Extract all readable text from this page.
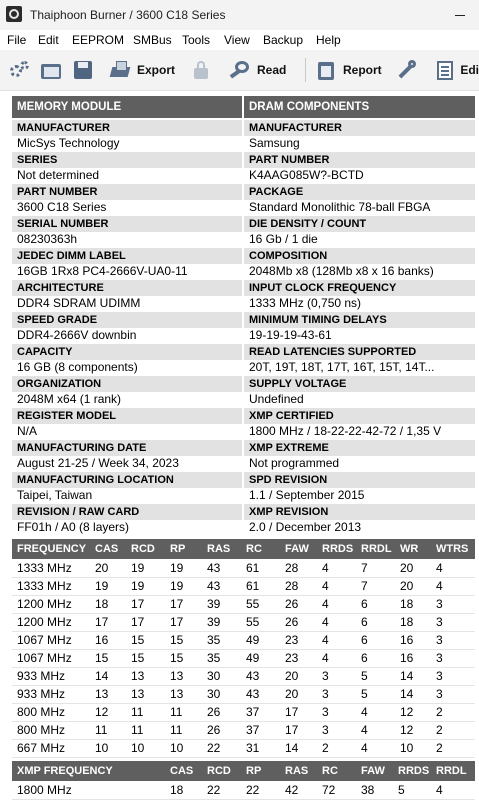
Thaiphoon Burner / 3600 C18 Series
File Edit EEPROM SMBus Tools View Backup Help
Export	Read	Report	Edi
MEMORY MODULE	DRAM COMPONENTS
MANUFACTURER
MicSys Technology
SERIES
Not determined
PART NUMBER
3600 C18 Series
SERIAL NUMBER
08230363h
JEDEC DIMM LABEL
16GB 1Rx8 PC4-2666V-UA0-11
ARCHITECTURE
DDR4 SDRAM UDIMM
SPEED GRADE
DDR4-2666V downbin
CAPACITY
16 GB (8 components)
ORGANIZATION
2048M x64 (1 rank)
REGISTER MODEL
N/A
MANUFACTURING DATE
August 21-25 / Week 34, 2023
MANUFACTURING LOCATION
Taipei, Taiwan
REVISION / RAW CARD
FF01h / A0 (8 layers)
MANUFACTURER
Samsung
PART NUMBER
K4AAG085W?-BCTD
PACKAGE
Standard Monolithic 78-ball FBGA
DIE DENSITY / COUNT
16 Gb / 1 die
COMPOSITION
2048Mb x8 (128Mb x8 x 16 banks)
INPUT CLOCK FREQUENCY
1333 MHz (0,750 ns)
MINIMUM TIMING DELAYS
19-19-19-43-61
READ LATENCIES SUPPORTED
20T, 19T, 18T, 17T, 16T, 15T, 14T...
SUPPLY VOLTAGE
Undefined
XMP CERTIFIED
1800 MHz / 18-22-22-42-72 / 1,35 V
XMP EXTREME
Not programmed
SPD REVISION
1.1 / September 2015
XMP REVISION
2.0 / December 2013
FREQUENCY CAS RCD RP RAS RC FAW RRDS RRDL WR WTRS
1333 MHz 20 19 19 43 61 28 4	7	20 4
1333 MHz 19 19 19 43 61 28 4	7	20 4
1200 MHz 18 17 17 39 55 26 4	6	18 3
1200 MHz 17 17 17 39 55 26 4	6	18 3
1067 MHz 16 15 15 35 49 23 4	6	16 3
1067 MHz 15 15 15 35 49 23 4	6	16 3
933 MHz 14 13 13 30 43 20 3	5	14 3
933 MHz 13 13 13 30 43 20 3	5	14 3
800 MHz 12 11 11 26 37 17 3	4	12 2
800 MHz 11 11 11 26 37 17 3	4	12 2
667 MHz 10 10 10 22 31 14 2	4	10 2
XMP FREQUENCY	CAS RCD RP RAS RC FAW RRDS RRDL
1800 MHz	18 22 22 42 72 38 5	4
